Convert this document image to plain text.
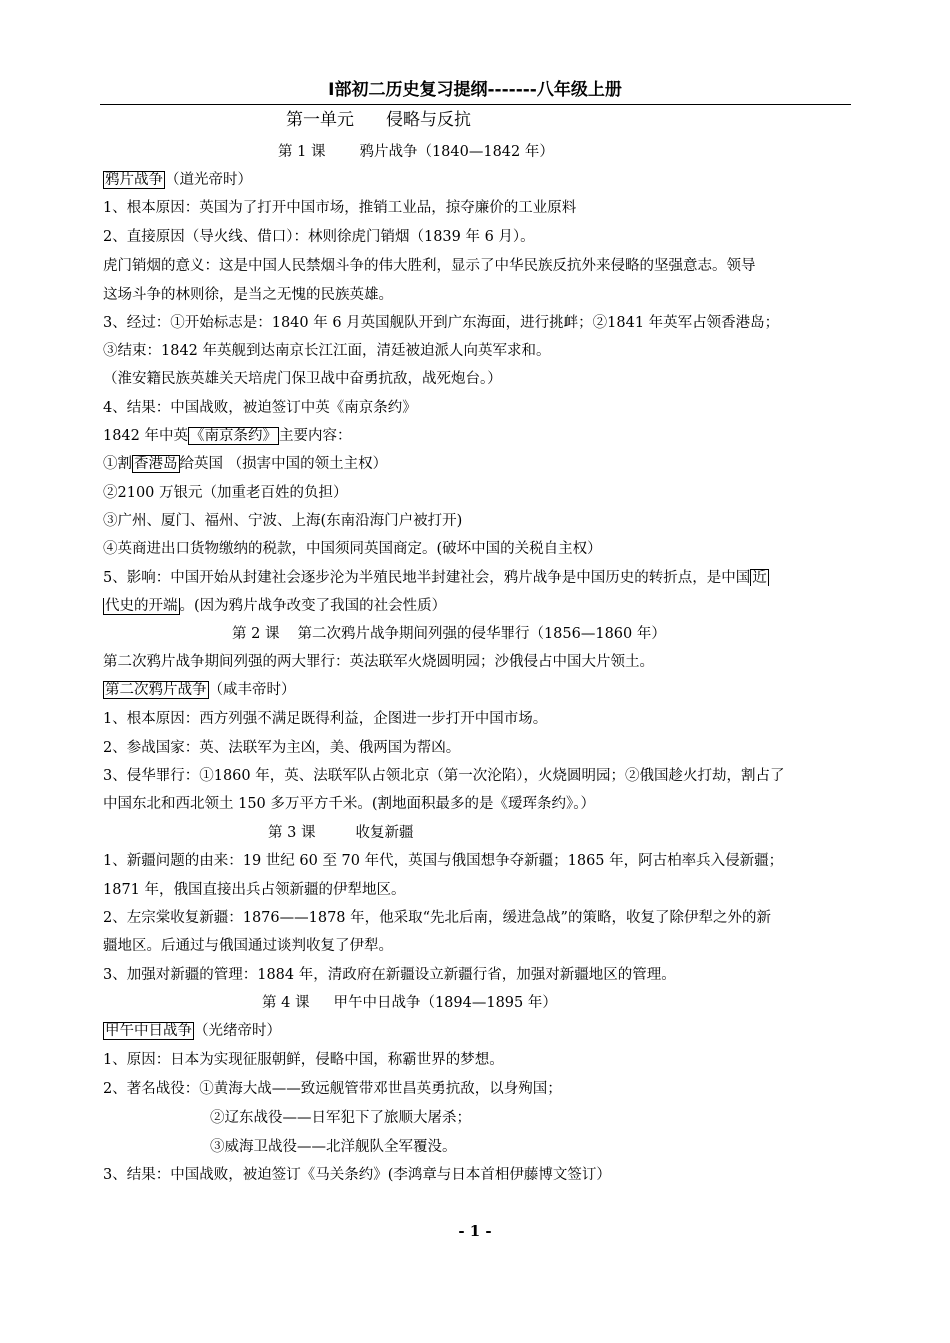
Ⅰ部初二历史复习提纲-------八年级上册
第一单元 侵略与反抗
第 1 课 鸦片战争（1840—1842 年）
鸦片战争 （道光帝时）
1、根本原因：英国为了打开中国市场，推销工业品，掠夺廉价的工业原料
2、直接原因（导火线、借口）：林则徐虎门销烟（1839 年 6 月）。
虎门销烟的意义：这是中国人民禁烟斗争的伟大胜利，显示了中华民族反抗外来侵略的坚强意志。领导
这场斗争的林则徐，是当之无愧的民族英雄。
3、经过：①开始标志是：1840 年 6 月英国舰队开到广东海面，进行挑衅；②1841 年英军占领香港岛；
③结束：1842 年英舰到达南京长江江面，清廷被迫派人向英军求和。
（淮安籍民族英雄关天培虎门保卫战中奋勇抗敌，战死炮台。）
4、结果：中国战败，被迫签订中英《南京条约》
1842 年中英 《南京条约》 主要内容：
①割 香港岛 给英国 （损害中国的领土主权）
②2100 万银元（加重老百姓的负担）
③广州、厦门、福州、宁波、上海(东南沿海门户被打开)
④英商进出口货物缴纳的税款，中国须同英国商定。(破坏中国的关税自主权）
5、影响：中国开始从封建社会逐步沦为半殖民地半封建社会，鸦片战争是中国历史的转折点，是中国 近
代史的开端 。(因为鸦片战争改变了我国的社会性质）
第 2 课 第二次鸦片战争期间列强的侵华罪行（1856—1860 年）
第二次鸦片战争期间列强的两大罪行：英法联军火烧圆明园；沙俄侵占中国大片领土。
第二次鸦片战争 （咸丰帝时）
1、根本原因：西方列强不满足既得利益，企图进一步打开中国市场。
2、参战国家：英、法联军为主凶，美、俄两国为帮凶。
3、侵华罪行：①1860 年，英、法联军队占领北京（第一次沦陷），火烧圆明园；②俄国趁火打劫，割占了
中国东北和西北领土 150 多万平方千米。(割地面积最多的是《瑷珲条约》。）
第 3 课	收复新疆
1、新疆问题的由来：19 世纪 60 至 70 年代，英国与俄国想争夺新疆；1865 年，阿古柏率兵入侵新疆；
1871 年，俄国直接出兵占领新疆的伊犁地区。
2、左宗棠收复新疆：1876——1878 年，他采取“先北后南，缓进急战”的策略，收复了除伊犁之外的新
疆地区。后通过与俄国通过谈判收复了伊犁。
3、加强对新疆的管理：1884 年，清政府在新疆设立新疆行省，加强对新疆地区的管理。
第 4 课 甲午中日战争（1894—1895 年）
甲午中日战争 （光绪帝时）
1、原因：日本为实现征服朝鲜，侵略中国，称霸世界的梦想。
2、著名战役：①黄海大战——致远舰管带邓世昌英勇抗敌，以身殉国；
②辽东战役——日军犯下了旅顺大屠杀；
③威海卫战役——北洋舰队全军覆没。
3、结果：中国战败，被迫签订《马关条约》(李鸿章与日本首相伊藤博文签订）
- 1 -
